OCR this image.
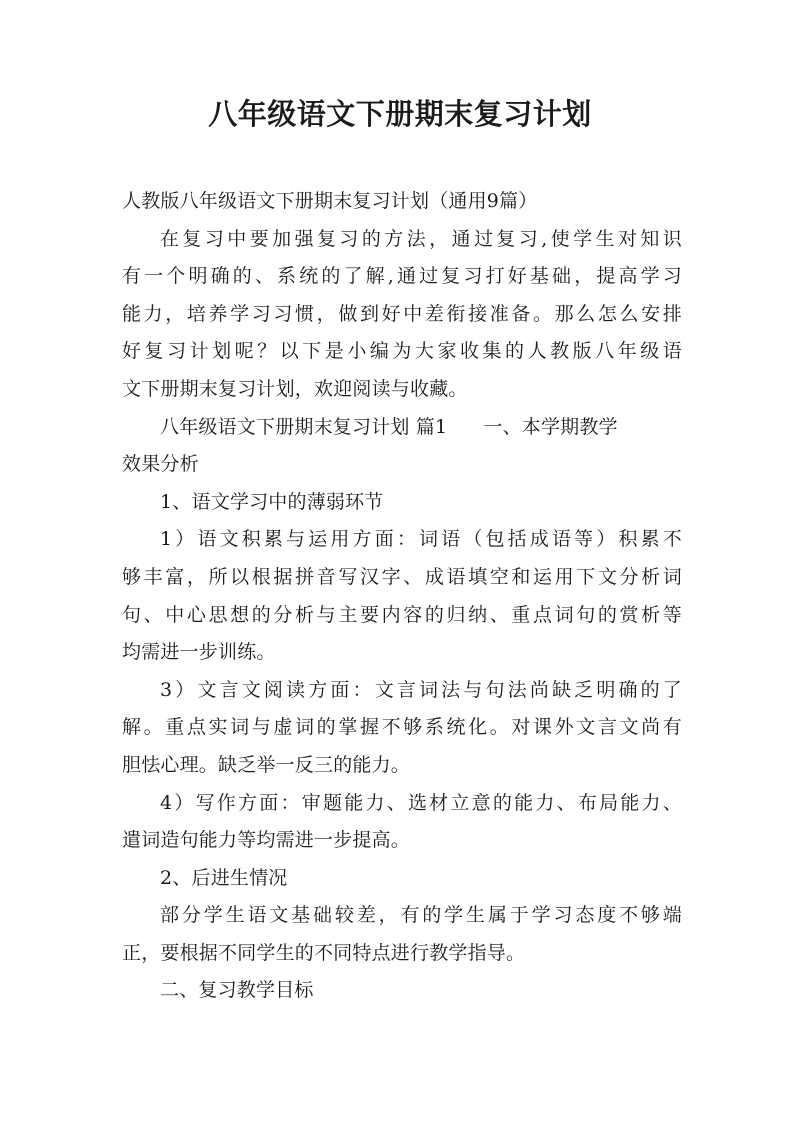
八年级语文下册期末复习计划

人教版八年级语文下册期末复习计划（通用9篇）

在复习中要加强复习的方法，通过复习,使学生对知识
有一个明确的、系统的了解,通过复习打好基础，提高学习
能力，培养学习习惯，做到好中差衔接准备。那么怎么安排
好复习计划呢？以下是小编为大家收集的人教版八年级语
文下册期末复习计划，欢迎阅读与收藏。

八年级语文下册期末复习计划 篇1 一、本学期教学
效果分析

1、语文学习中的薄弱环节

1）语文积累与运用方面：词语（包括成语等）积累不
够丰富，所以根据拼音写汉字、成语填空和运用下文分析词
句、中心思想的分析与主要内容的归纳、重点词句的赏析等
均需进一步训练。

3）文言文阅读方面：文言词法与句法尚缺乏明确的了
解。重点实词与虚词的掌握不够系统化。对课外文言文尚有
胆怯心理。缺乏举一反三的能力。

4）写作方面：审题能力、选材立意的能力、布局能力、
遣词造句能力等均需进一步提高。

2、后进生情况

部分学生语文基础较差，有的学生属于学习态度不够端
正，要根据不同学生的不同特点进行教学指导。

二、复习教学目标
